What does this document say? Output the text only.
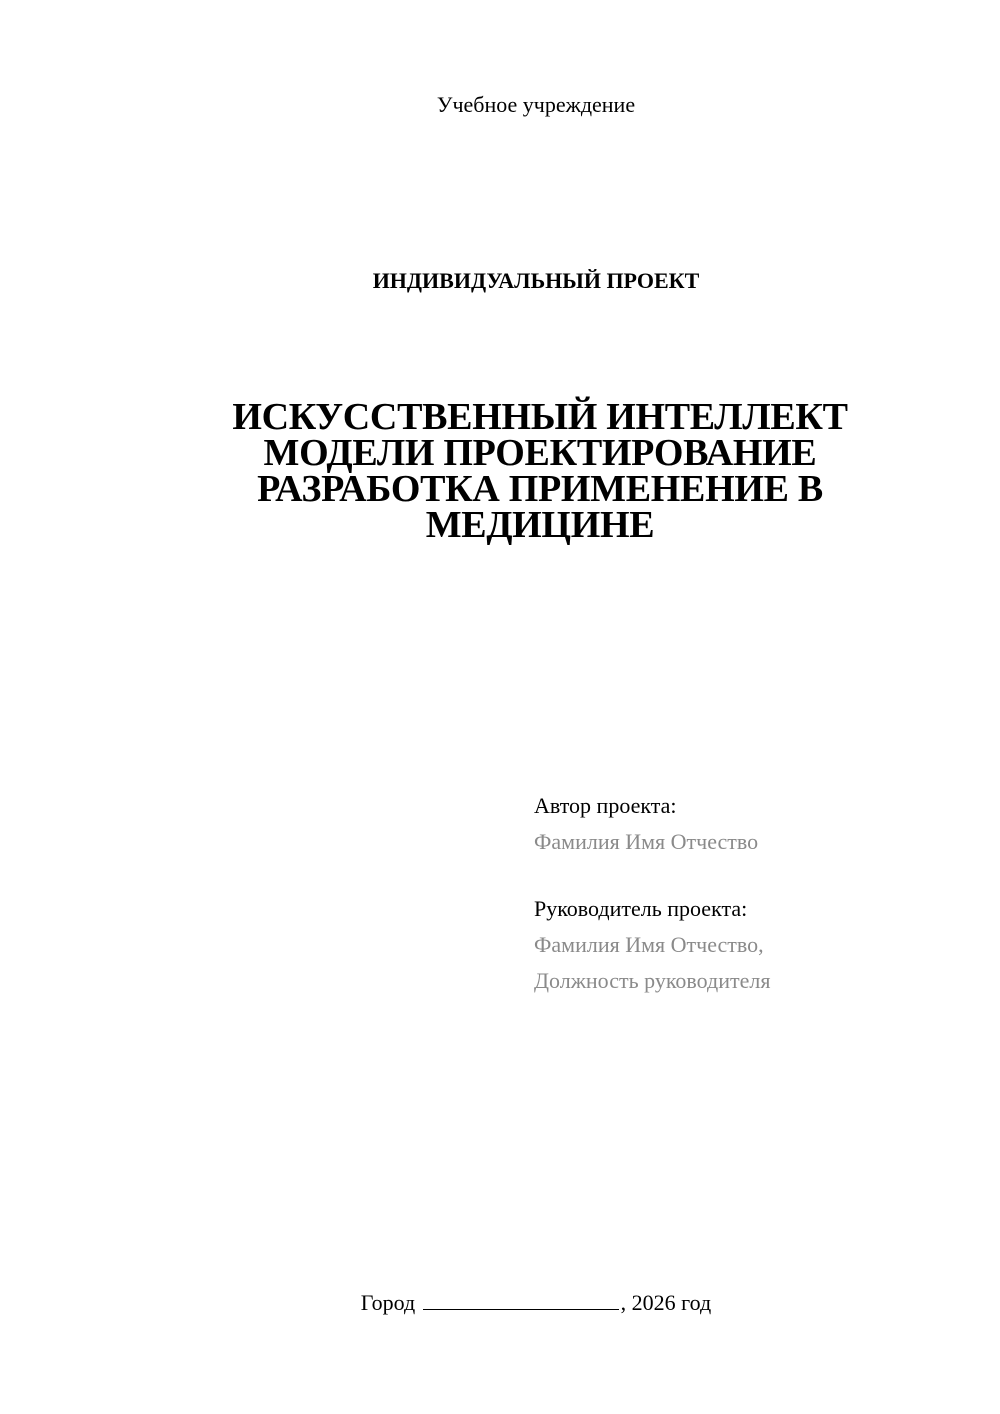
Учебное учреждение
ИНДИВИДУАЛЬНЫЙ ПРОЕКТ
ИСКУССТВЕННЫЙ ИНТЕЛЛЕКТ
МОДЕЛИ ПРОЕКТИРОВАНИЕ
РАЗРАБОТКА ПРИМЕНЕНИЕ В
МЕДИЦИНЕ
Автор проекта:
Фамилия Имя Отчество
Руководитель проекта:
Фамилия Имя Отчество,
Должность руководителя
Город	, 2026 год
